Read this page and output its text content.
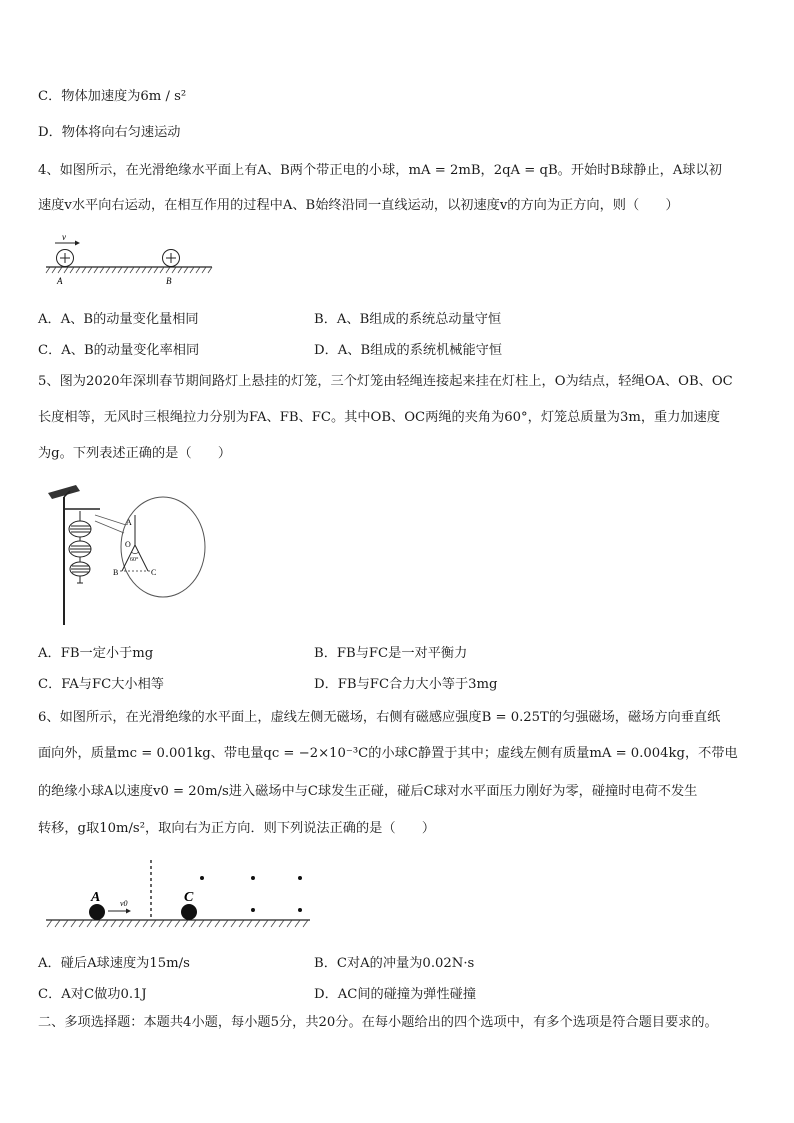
C．物体加速度为6m / s²
D．物体将向右匀速运动
4、如图所示，在光滑绝缘水平面上有A、B两个带正电的小球，mA = 2mB，2qA = qB。开始时B球静止，A球以初
速度v水平向右运动，在相互作用的过程中A、B始终沿同一直线运动，以初速度v的方向为正方向，则（　　）
v
A	B
A．A、B的动量变化量相同	B．A、B组成的系统总动量守恒
C．A、B的动量变化率相同	D．A、B组成的系统机械能守恒
5、图为2020年深圳春节期间路灯上悬挂的灯笼，三个灯笼由轻绳连接起来挂在灯柱上，O为结点，轻绳OA、OB、OC
长度相等，无风时三根绳拉力分别为FA、FB、FC。其中OB、OC两绳的夹角为60°，灯笼总质量为3m，重力加速度
为g。下列表述正确的是（　　）
A
O
B	C
60°
A．FB一定小于mg	B．FB与FC是一对平衡力
C．FA与FC大小相等	D．FB与FC合力大小等于3mg
6、如图所示，在光滑绝缘的水平面上，虚线左侧无磁场，右侧有磁感应强度B = 0.25T的匀强磁场，磁场方向垂直纸
面向外，质量mc = 0.001kg、带电量qc = −2×10⁻³C的小球C静置于其中；虚线左侧有质量mA = 0.004kg，不带电
的绝缘小球A以速度v0 = 20m/s进入磁场中与C球发生正碰，碰后C球对水平面压力刚好为零，碰撞时电荷不发生
转移，g取10m/s²，取向右为正方向．则下列说法正确的是（　　）
A	C
v0
A．碰后A球速度为15m/s	B．C对A的冲量为0.02N·s
C．A对C做功0.1J	D．AC间的碰撞为弹性碰撞
二、多项选择题：本题共4小题，每小题5分，共20分。在每小题给出的四个选项中，有多个选项是符合题目要求的。
